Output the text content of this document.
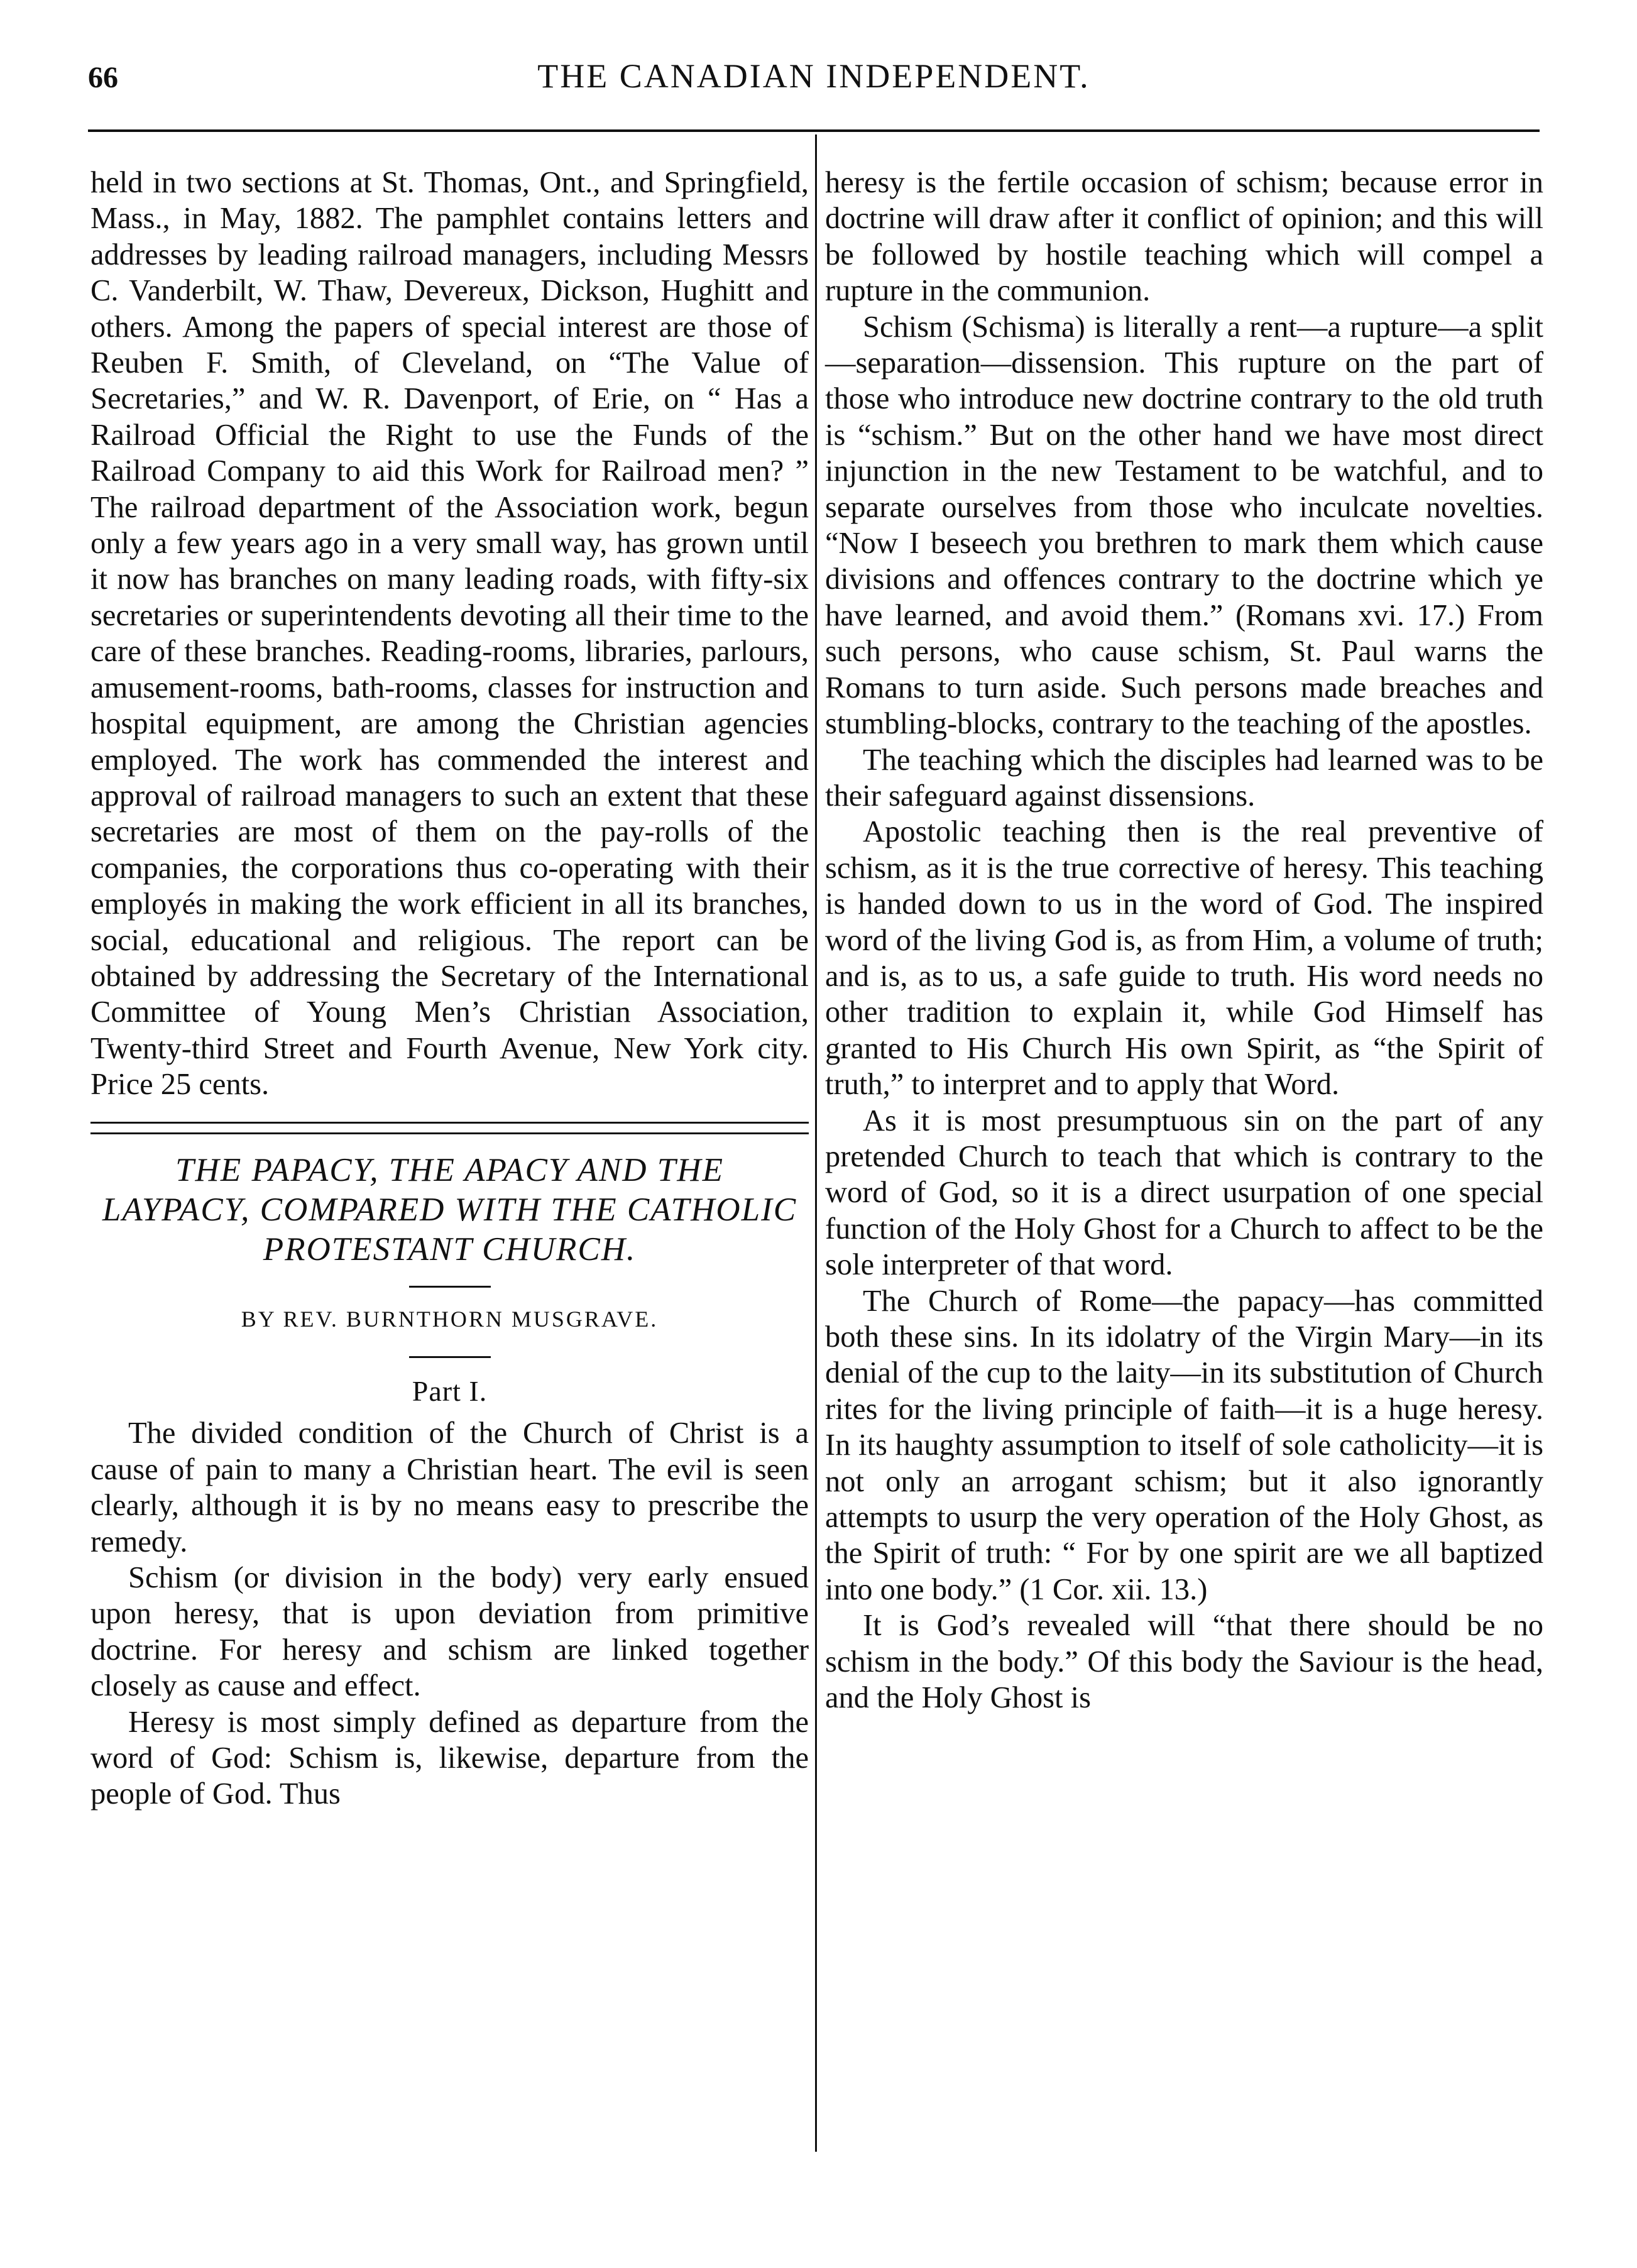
66	THE CANADIAN INDEPENDENT.

held in two sections at St. Thomas, Ont., and Springfield, Mass., in May, 1882. The pamphlet contains letters and addresses by leading railroad managers, including Messrs C. Vanderbilt, W. Thaw, Devereux, Dickson, Hughitt and others. Among the papers of special interest are those of Reuben F. Smith, of Cleveland, on “The Value of Secretaries,” and W. R. Davenport, of Erie, on “ Has a Railroad Official the Right to use the Funds of the Railroad Company to aid this Work for Railroad men? ” The railroad department of the Association work, begun only a few years ago in a very small way, has grown until it now has branches on many leading roads, with fifty-six secretaries or superintendents devoting all their time to the care of these branches. Reading-rooms, libraries, parlours, amusement-rooms, bath-rooms, classes for instruction and hospital equipment, are among the Christian agencies employed. The work has commended the interest and approval of railroad managers to such an extent that these secretaries are most of them on the pay-rolls of the companies, the corporations thus co-operating with their employés in making the work efficient in all its branches, social, educational and religious. The report can be obtained by addressing the Secretary of the International Committee of Young Men’s Christian Association, Twenty-third Street and Fourth Avenue, New York city. Price 25 cents.

THE PAPACY, THE APACY AND THE LAYPACY, COMPARED WITH THE CATHOLIC PROTESTANT CHURCH.
BY REV. BURNTHORN MUSGRAVE.
Part I.

The divided condition of the Church of Christ is a cause of pain to many a Christian heart. The evil is seen clearly, although it is by no means easy to prescribe the remedy.

Schism (or division in the body) very early ensued upon heresy, that is upon deviation from primitive doctrine. For heresy and schism are linked together closely as cause and effect.

Heresy is most simply defined as departure from the word of God: Schism is, likewise, departure from the people of God. Thus

heresy is the fertile occasion of schism; because error in doctrine will draw after it conflict of opinion; and this will be followed by hostile teaching which will compel a rupture in the communion.

Schism (Schisma) is literally a rent—a rupture—a split—separation—dissension. This rupture on the part of those who introduce new doctrine contrary to the old truth is “schism.” But on the other hand we have most direct injunction in the new Testament to be watchful, and to separate ourselves from those who inculcate novelties. “Now I beseech you brethren to mark them which cause divisions and offences contrary to the doctrine which ye have learned, and avoid them.” (Romans xvi. 17.) From such persons, who cause schism, St. Paul warns the Romans to turn aside. Such persons made breaches and stumbling-blocks, contrary to the teaching of the apostles.

The teaching which the disciples had learned was to be their safeguard against dissensions.

Apostolic teaching then is the real preventive of schism, as it is the true corrective of heresy. This teaching is handed down to us in the word of God. The inspired word of the living God is, as from Him, a volume of truth; and is, as to us, a safe guide to truth. His word needs no other tradition to explain it, while God Himself has granted to His Church His own Spirit, as “the Spirit of truth,” to interpret and to apply that Word.

As it is most presumptuous sin on the part of any pretended Church to teach that which is contrary to the word of God, so it is a direct usurpation of one special function of the Holy Ghost for a Church to affect to be the sole interpreter of that word.

The Church of Rome—the papacy—has committed both these sins. In its idolatry of the Virgin Mary—in its denial of the cup to the laity—in its substitution of Church rites for the living principle of faith—it is a huge heresy. In its haughty assumption to itself of sole catholicity—it is not only an arrogant schism; but it also ignorantly attempts to usurp the very operation of the Holy Ghost, as the Spirit of truth: “ For by one spirit are we all baptized into one body.” (1 Cor. xii. 13.)

It is God’s revealed will “that there should be no schism in the body.” Of this body the Saviour is the head, and the Holy Ghost is
